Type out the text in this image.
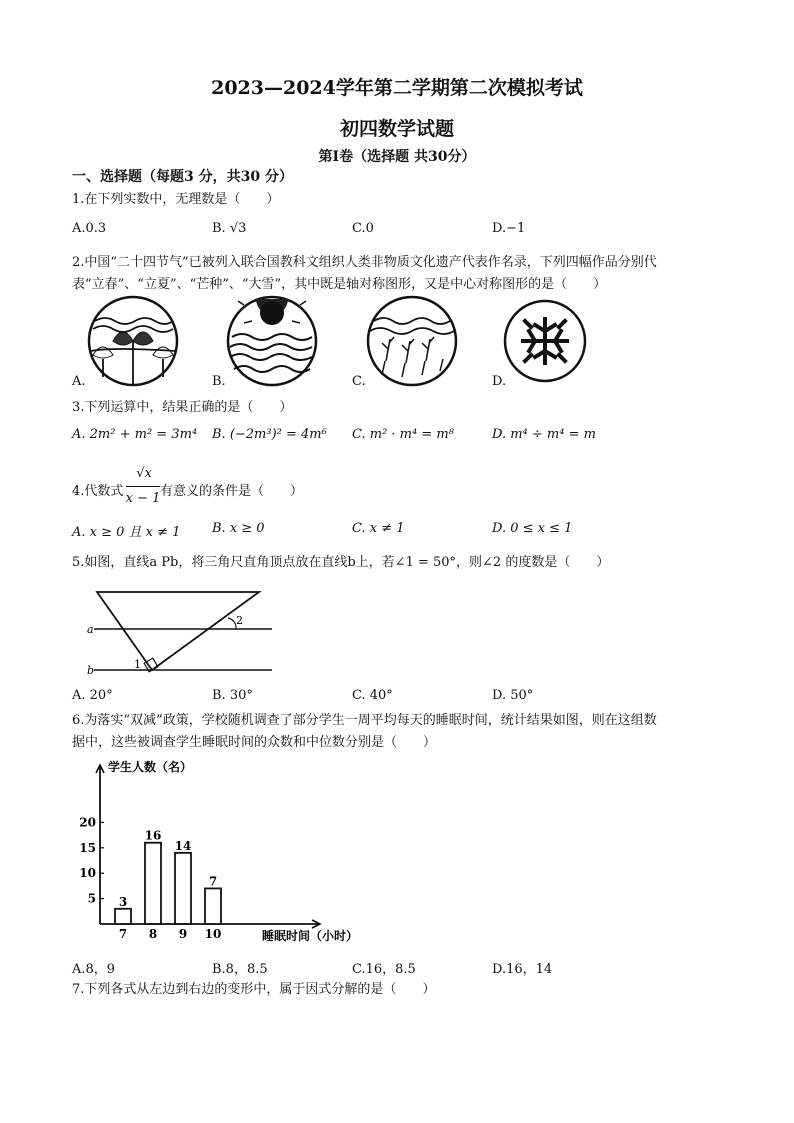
2023—2024学年第二学期第二次模拟考试
初四数学试题
第Ⅰ卷（选择题 共30分）
一、选择题（每题3 分，共30 分）
1.在下列实数中，无理数是（　　）
A.0.3	B. √3	C.0	D.−1
2.中国“二十四节气”已被列入联合国教科文组织人类非物质文化遗产代表作名录，下列四幅作品分别代
表“立春”、“立夏”、“芒种”、“大雪”，其中既是轴对称图形，又是中心对称图形的是（　　）
A.	B.	C.	D.
3.下列运算中，结果正确的是（　　）
A. 2m² + m² = 3m⁴ B. (−2m³)² = 4m⁶ C. m² · m⁴ = m⁸	D. m⁴ ÷ m⁴ = m
4.代数式
√x
x − 1 有意义的条件是（　　）
A. x ≥ 0 且 x ≠ 1 B. x ≥ 0	C. x ≠ 1	D. 0 ≤ x ≤ 1
5.如图，直线a Pb，将三角尺直角顶点放在直线b上，若∠1 = 50°，则∠2 的度数是（　　）
a
b	1
2
A. 20°	B. 30°	C. 40°	D. 50°
6.为落实“双减”政策，学校随机调查了部分学生一周平均每天的睡眠时间，统计结果如图，则在这组数
据中，这些被调查学生睡眠时间的众数和中位数分别是（　　）
5
10
15
20
3
7
16
8
14
9
7
10
学生人数（名）
睡眠时间（小时）
A.8，9	B.8，8.5	C.16，8.5	D.16，14
7.下列各式从左边到右边的变形中，属于因式分解的是（　　）
